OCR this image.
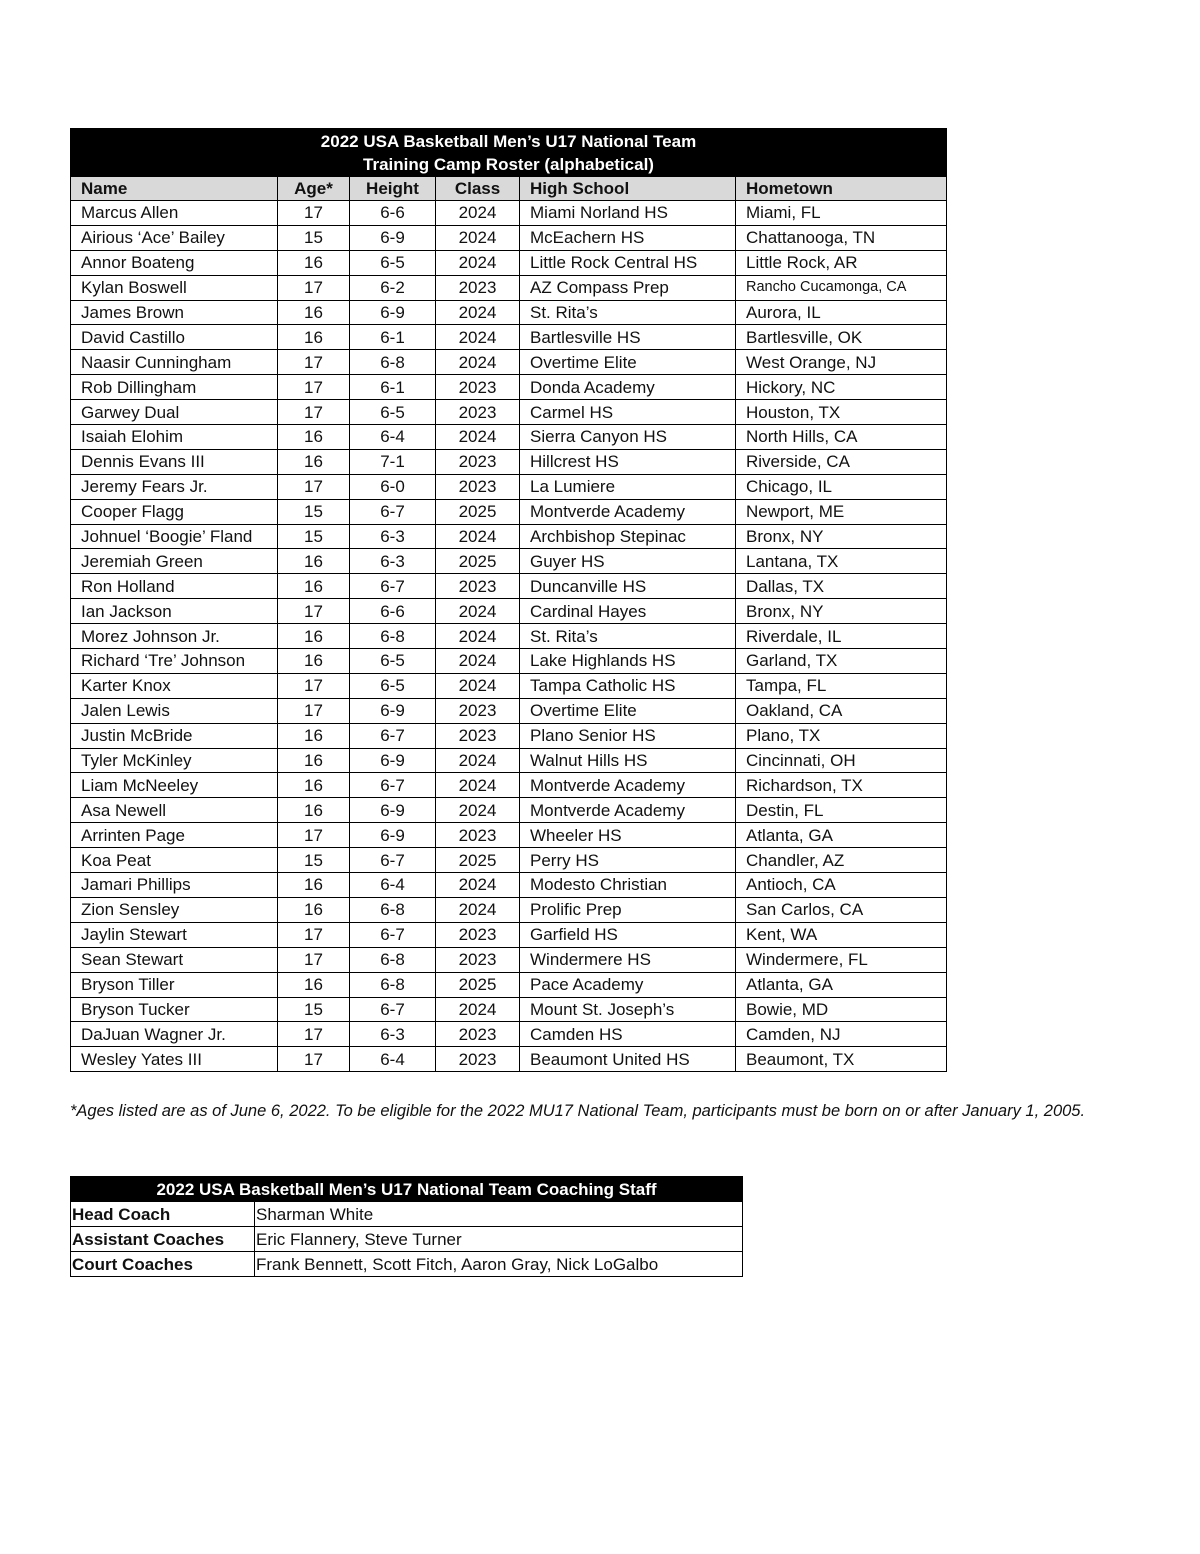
2022 USA Basketball Men’s U17 National Team
Training Camp Roster (alphabetical)					

Name	Age*	Height	Class	High School	Hometown
Marcus Allen	17	6-6	2024	Miami Norland HS	Miami, FL
Airious ‘Ace’ Bailey	15	6-9	2024	McEachern HS	Chattanooga, TN
Annor Boateng	16	6-5	2024	Little Rock Central HS	Little Rock, AR
Kylan Boswell	17	6-2	2023	AZ Compass Prep	Rancho Cucamonga, CA
James Brown	16	6-9	2024	St. Rita’s	Aurora, IL
David Castillo	16	6-1	2024	Bartlesville HS	Bartlesville, OK
Naasir Cunningham	17	6-8	2024	Overtime Elite	West Orange, NJ
Rob Dillingham	17	6-1	2023	Donda Academy	Hickory, NC
Garwey Dual	17	6-5	2023	Carmel HS	Houston, TX
Isaiah Elohim	16	6-4	2024	Sierra Canyon HS	North Hills, CA
Dennis Evans III	16	7-1	2023	Hillcrest HS	Riverside, CA
Jeremy Fears Jr.	17	6-0	2023	La Lumiere	Chicago, IL
Cooper Flagg	15	6-7	2025	Montverde Academy	Newport, ME
Johnuel ‘Boogie’ Fland	15	6-3	2024	Archbishop Stepinac	Bronx, NY
Jeremiah Green	16	6-3	2025	Guyer HS	Lantana, TX
Ron Holland	16	6-7	2023	Duncanville HS	Dallas, TX
Ian Jackson	17	6-6	2024	Cardinal Hayes	Bronx, NY
Morez Johnson Jr.	16	6-8	2024	St. Rita’s	Riverdale, IL
Richard ‘Tre’ Johnson	16	6-5	2024	Lake Highlands HS	Garland, TX
Karter Knox	17	6-5	2024	Tampa Catholic HS	Tampa, FL
Jalen Lewis	17	6-9	2023	Overtime Elite	Oakland, CA
Justin McBride	16	6-7	2023	Plano Senior HS	Plano, TX
Tyler McKinley	16	6-9	2024	Walnut Hills HS	Cincinnati, OH
Liam McNeeley	16	6-7	2024	Montverde Academy	Richardson, TX
Asa Newell	16	6-9	2024	Montverde Academy	Destin, FL
Arrinten Page	17	6-9	2023	Wheeler HS	Atlanta, GA
Koa Peat	15	6-7	2025	Perry HS	Chandler, AZ
Jamari Phillips	16	6-4	2024	Modesto Christian	Antioch, CA
Zion Sensley	16	6-8	2024	Prolific Prep	San Carlos, CA
Jaylin Stewart	17	6-7	2023	Garfield HS	Kent, WA
Sean Stewart	17	6-8	2023	Windermere HS	Windermere, FL
Bryson Tiller	16	6-8	2025	Pace Academy	Atlanta, GA
Bryson Tucker	15	6-7	2024	Mount St. Joseph’s	Bowie, MD
DaJuan Wagner Jr.	17	6-3	2023	Camden HS	Camden, NJ
Wesley Yates III	17	6-4	2023	Beaumont United HS	Beaumont, TX

*Ages listed are as of June 6, 2022. To be eligible for the 2022 MU17 National Team, participants must be born on or after January 1, 2005.

2022 USA Basketball Men’s U17 National Team Coaching Staff	
Head Coach	Sharman White
Assistant Coaches	Eric Flannery, Steve Turner
Court Coaches	Frank Bennett, Scott Fitch, Aaron Gray, Nick LoGalbo
